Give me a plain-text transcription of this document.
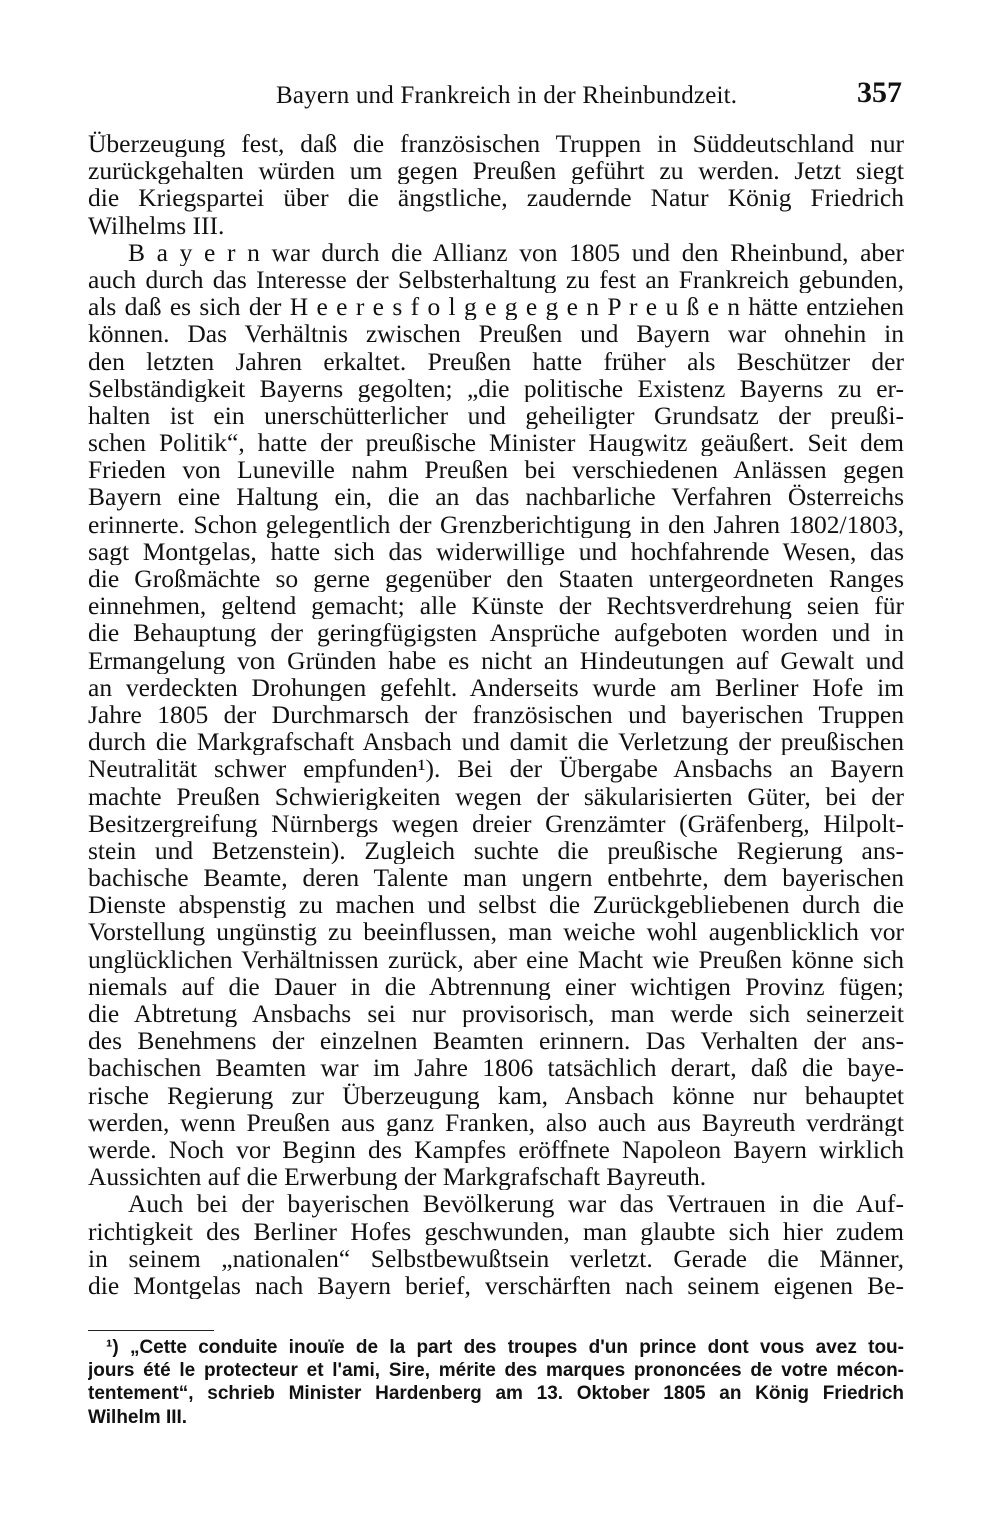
Bayern und Frankreich in der Rheinbundzeit.	357
Überzeugung fest, daß die französischen Truppen in Süddeutschland nur
zurückgehalten würden um gegen Preußen geführt zu werden. Jetzt siegt
die Kriegspartei über die ängstliche, zaudernde Natur König Friedrich
Wilhelms III.
B a y e r n war durch die Allianz von 1805 und den Rheinbund, aber
auch durch das Interesse der Selbsterhaltung zu fest an Frankreich gebunden,
als daß es sich der H e e r e s f o l g e g e g e n P r e u ß e n hätte entziehen
können. Das Verhältnis zwischen Preußen und Bayern war ohnehin in
den letzten Jahren erkaltet. Preußen hatte früher als Beschützer der
Selbständigkeit Bayerns gegolten; „die politische Existenz Bayerns zu er-
halten ist ein unerschütterlicher und geheiligter Grundsatz der preußi-
schen Politik“, hatte der preußische Minister Haugwitz geäußert. Seit dem
Frieden von Luneville nahm Preußen bei verschiedenen Anlässen gegen
Bayern eine Haltung ein, die an das nachbarliche Verfahren Österreichs
erinnerte. Schon gelegentlich der Grenzberichtigung in den Jahren 1802/1803,
sagt Montgelas, hatte sich das widerwillige und hochfahrende Wesen, das
die Großmächte so gerne gegenüber den Staaten untergeordneten Ranges
einnehmen, geltend gemacht; alle Künste der Rechtsverdrehung seien für
die Behauptung der geringfügigsten Ansprüche aufgeboten worden und in
Ermangelung von Gründen habe es nicht an Hindeutungen auf Gewalt und
an verdeckten Drohungen gefehlt. Anderseits wurde am Berliner Hofe im
Jahre 1805 der Durchmarsch der französischen und bayerischen Truppen
durch die Markgrafschaft Ansbach und damit die Verletzung der preußischen
Neutralität schwer empfunden¹). Bei der Übergabe Ansbachs an Bayern
machte Preußen Schwierigkeiten wegen der säkularisierten Güter, bei der
Besitzergreifung Nürnbergs wegen dreier Grenzämter (Gräfenberg, Hilpolt-
stein und Betzenstein). Zugleich suchte die preußische Regierung ans-
bachische Beamte, deren Talente man ungern entbehrte, dem bayerischen
Dienste abspenstig zu machen und selbst die Zurückgebliebenen durch die
Vorstellung ungünstig zu beeinflussen, man weiche wohl augenblicklich vor
unglücklichen Verhältnissen zurück, aber eine Macht wie Preußen könne sich
niemals auf die Dauer in die Abtrennung einer wichtigen Provinz fügen;
die Abtretung Ansbachs sei nur provisorisch, man werde sich seinerzeit
des Benehmens der einzelnen Beamten erinnern. Das Verhalten der ans-
bachischen Beamten war im Jahre 1806 tatsächlich derart, daß die baye-
rische Regierung zur Überzeugung kam, Ansbach könne nur behauptet
werden, wenn Preußen aus ganz Franken, also auch aus Bayreuth verdrängt
werde. Noch vor Beginn des Kampfes eröffnete Napoleon Bayern wirklich
Aussichten auf die Erwerbung der Markgrafschaft Bayreuth.
Auch bei der bayerischen Bevölkerung war das Vertrauen in die Auf-
richtigkeit des Berliner Hofes geschwunden, man glaubte sich hier zudem
in seinem „nationalen“ Selbstbewußtsein verletzt. Gerade die Männer,
die Montgelas nach Bayern berief, verschärften nach seinem eigenen Be-
¹) „Cette conduite inouïe de la part des troupes d'un prince dont vous avez tou-
jours été le protecteur et l'ami, Sire, mérite des marques prononcées de votre mécon-
tentement“, schrieb Minister Hardenberg am 13. Oktober 1805 an König Friedrich
Wilhelm III.
